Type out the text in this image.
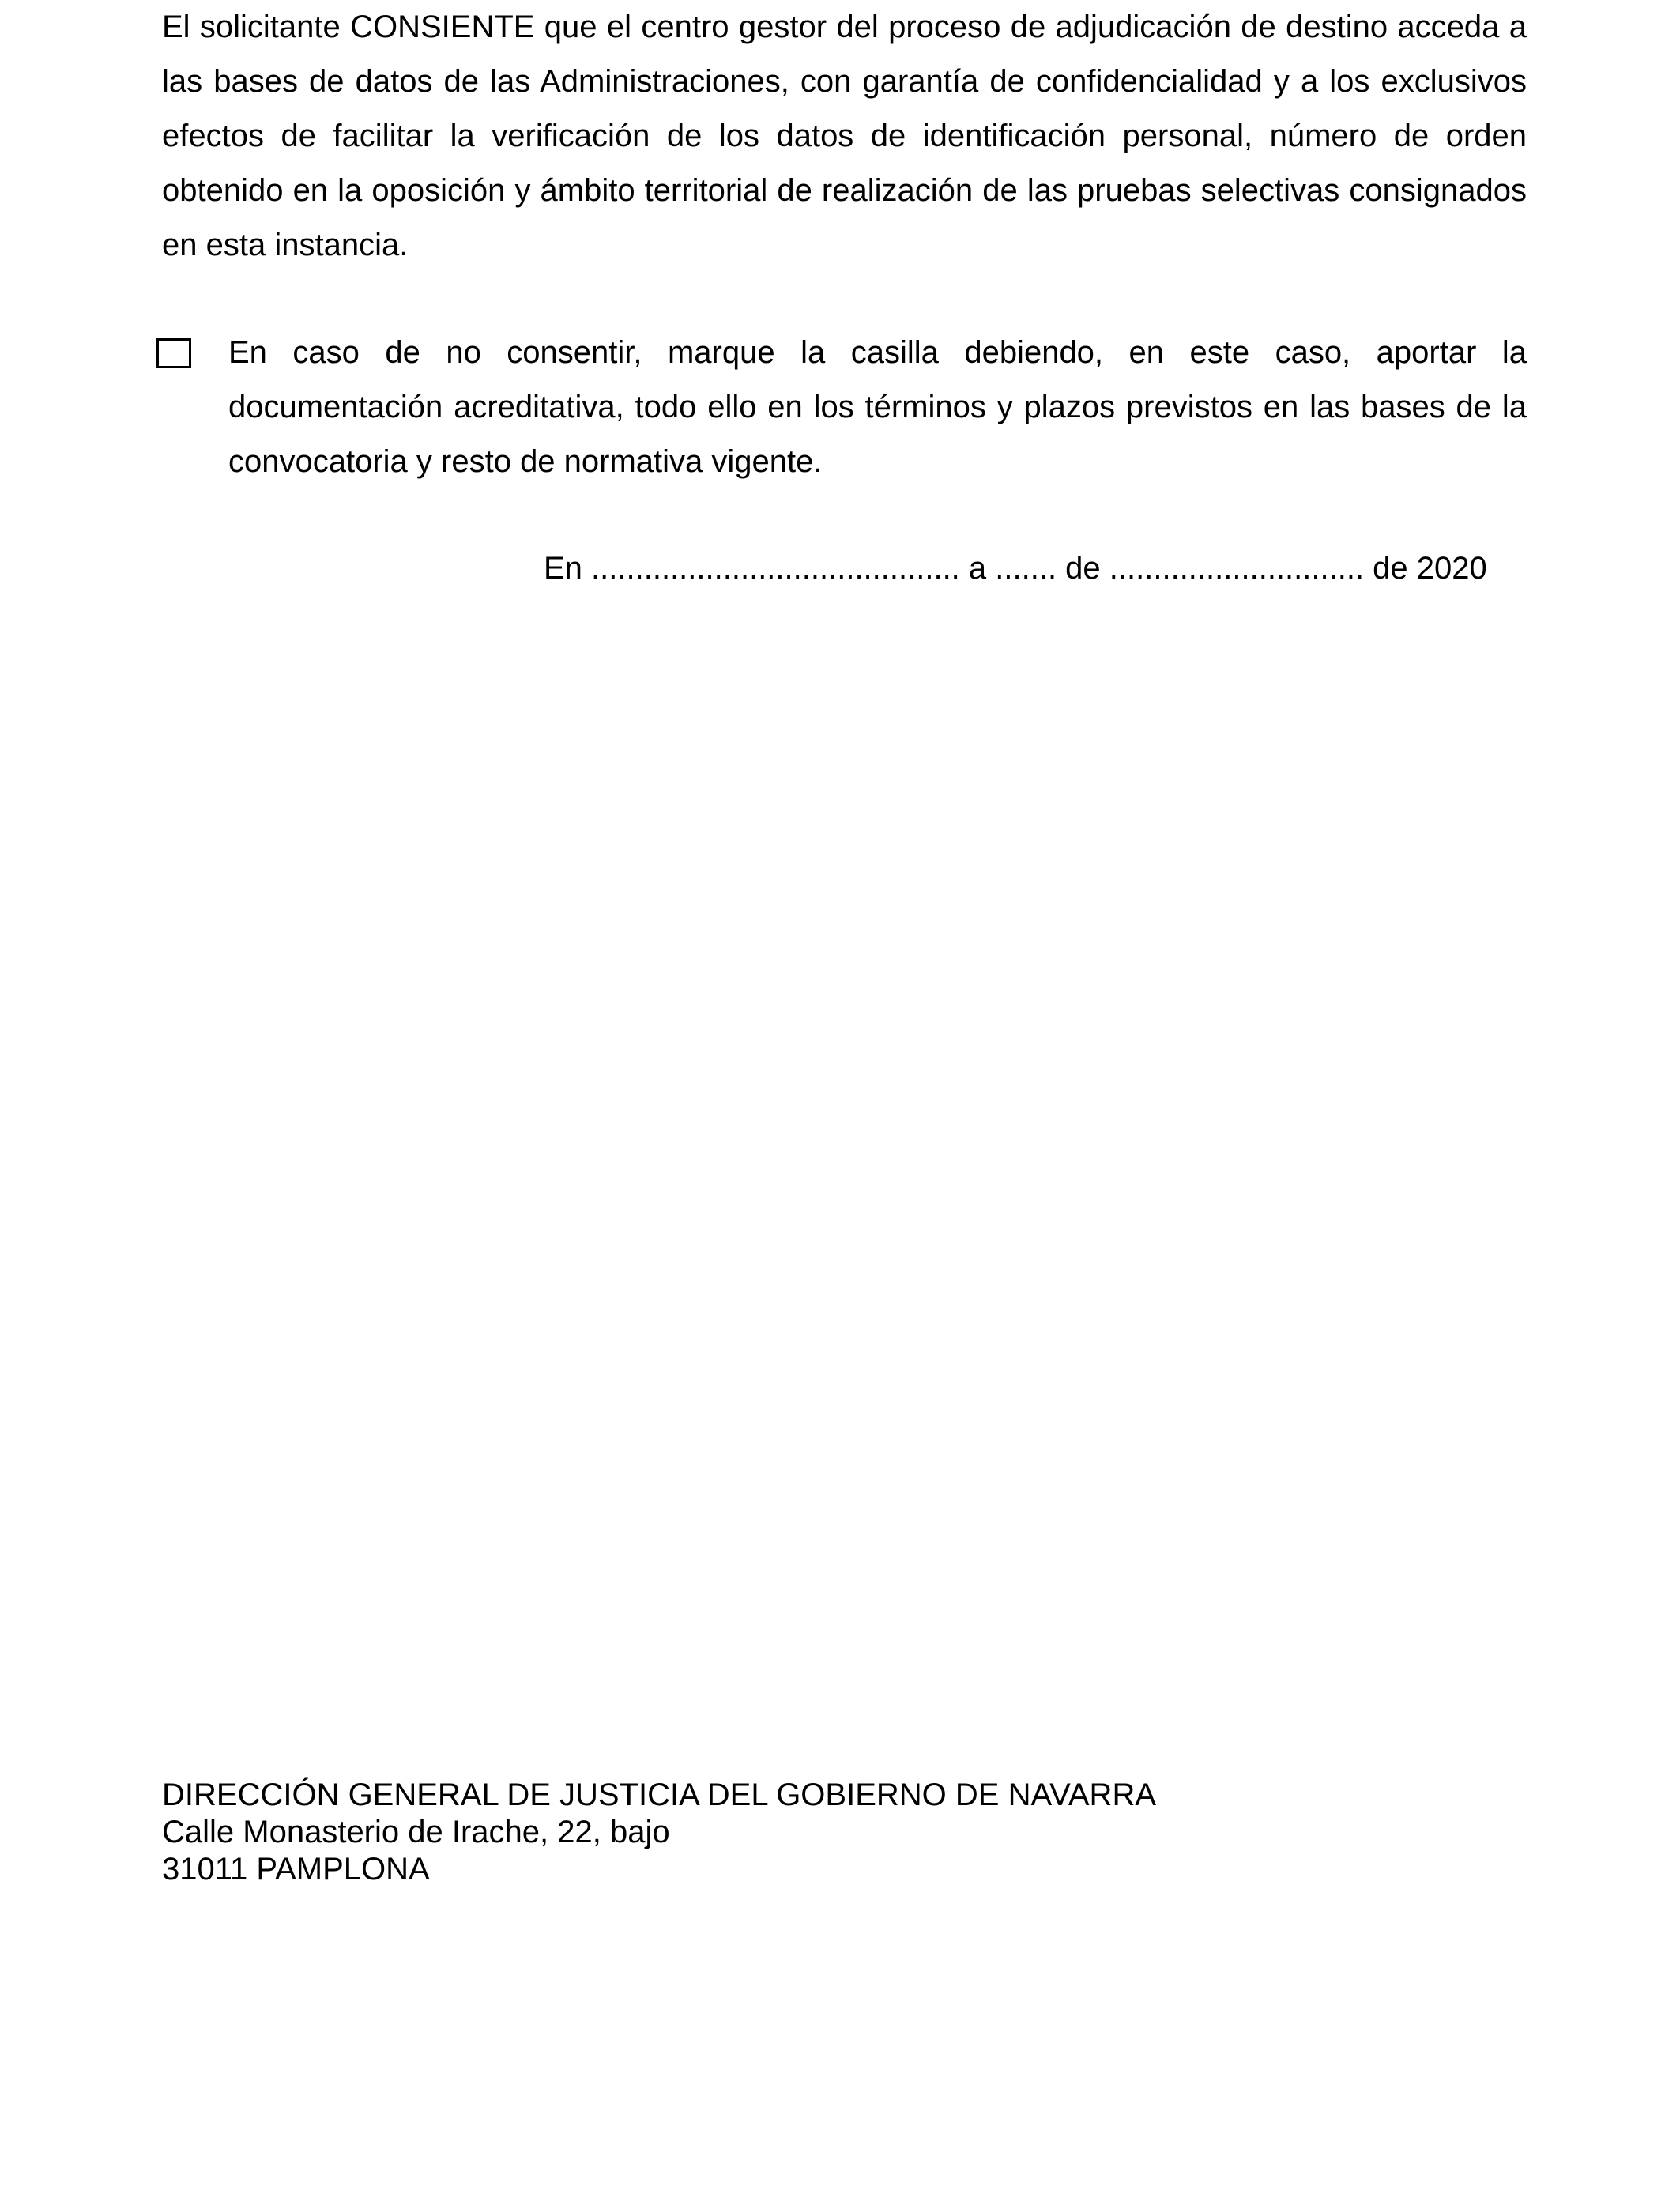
El solicitante CONSIENTE que el centro gestor del proceso de adjudicación de destino acceda a las bases de datos de las Administraciones, con garantía de confidencialidad y a los exclusivos efectos de facilitar la verificación de los datos de identificación personal, número de orden obtenido en la oposición y ámbito territorial de realización de las pruebas selectivas consignados en esta instancia.

En caso de no consentir, marque la casilla debiendo, en este caso, aportar la documentación acreditativa, todo ello en los términos y plazos previstos en las bases de la convocatoria y resto de normativa vigente.

En .......................................... a ....... de ............................. de 2020

DIRECCIÓN GENERAL DE JUSTICIA DEL GOBIERNO DE NAVARRA
Calle Monasterio de Irache, 22, bajo
31011 PAMPLONA
